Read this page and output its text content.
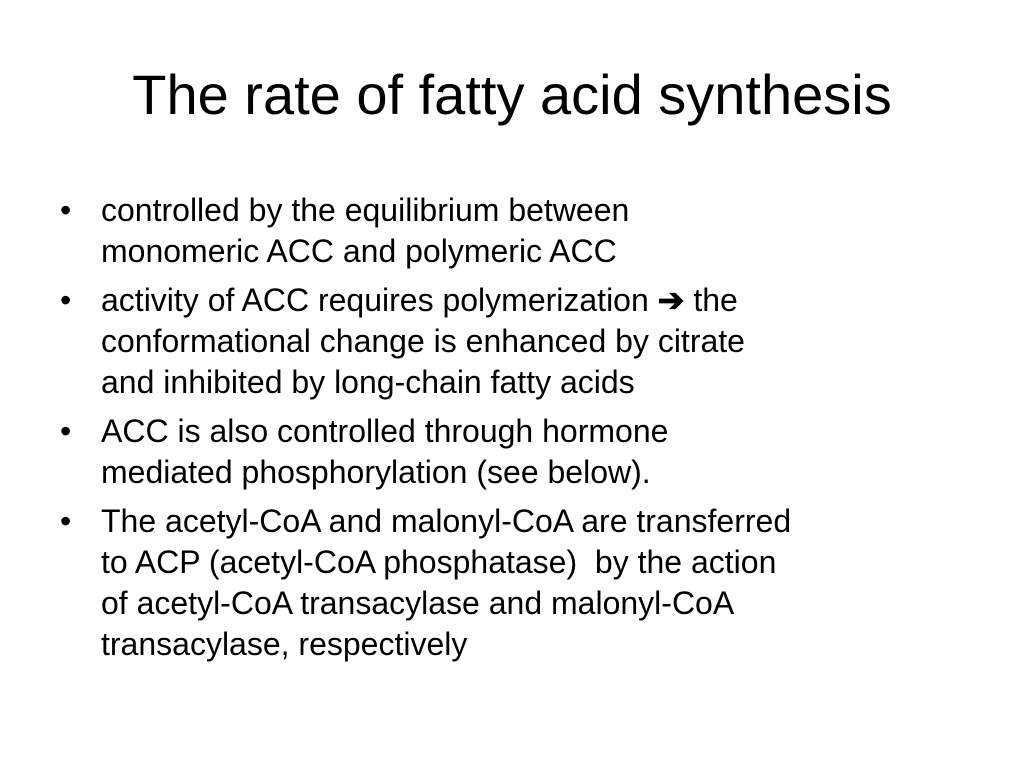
The rate of fatty acid synthesis
• controlled by the equilibrium between
monomeric ACC and polymeric ACC
• activity of ACC requires polymerization ➔ the
conformational change is enhanced by citrate
and inhibited by long-chain fatty acids
• ACC is also controlled through hormone
mediated phosphorylation (see below).
• The acetyl-CoA and malonyl-CoA are transferred
to ACP (acetyl-CoA phosphatase)  by the action
of acetyl-CoA transacylase and malonyl-CoA
transacylase, respectively
